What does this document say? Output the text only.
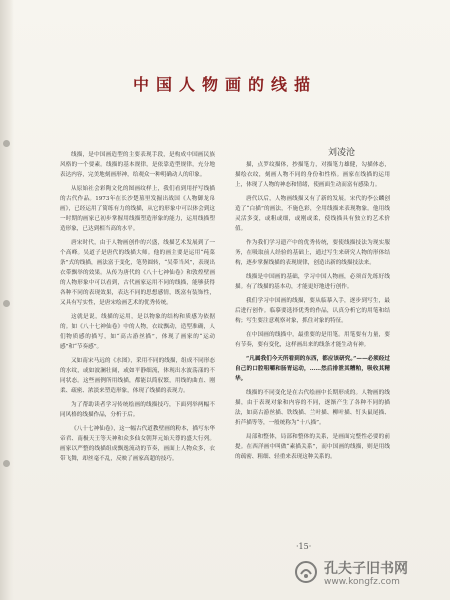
中国人物画的线描
刘凌沧

线描，是中国画造型的主要表现手段，是构成中国画民族风格的一个要素。线描的基本规律，是依靠造型规律，充分地表达内容，完美地刻画形神，给观众一种明确动人的印象。

从原始社会彩陶文化的图画纹样上，我们看到用抒写线描的古代作品。1973年在长沙楚墓里发掘出战国《人物御龙帛画》，已经运用了简练有力的线描，从它的形象中可以体会到这一时期的画家已初步掌握用线描塑造形象的能力，运用线描塑造形象，已达到相当高的水平。

唐宋时代，由于人物画创作的兴盛，线描艺术发展到了一个高峰。吴道子是唐代的线描大师。他的画主要是运用“莼菜条”式的线描，画法富于变化，笔势圆转，“吴带当风”，表现出衣带飘举的效果。从传为唐代的《八十七神仙卷》和敦煌壁画的人物形象中可以看到，古代画家运用不同的线描，能够获得各种不同的表现效果，表达不同的思想感情，既富有装饰性，又具有写实性，是唐宋绘画艺术的优秀传统。

这就是说，线描的运用，是以物象的结构和质感为依据的。如《八十七神仙卷》中的人物，衣纹飘动，造型准确，人们物质感的描写，如“高古游丝描”，体现了画家的“运动感”和“节奏感”。

又如南宋马远的《水图》，采用不同的线描，组成不同形态的水纹，或如波澜壮阔，或如平静细流，体现出水波荡漾的不同状态。这些画例所用线描，都能以简驭繁，用线的曲直、刚柔、疏密、浓淡来塑造形象，体现了线描的表现力。

为了帮助读者学习传统绘画的线描技巧，下面列举两幅不同风格的线描作品，分析于后。

《八十七神仙卷》，这一幅古代道教壁画的粉本，描写东华帝君、南极天王等天神和众多仙女朝拜元始天尊的盛大行列。画家以严整的线描组成飘逸流动的节奏，画面上人物众多，衣带飞舞，却丝毫不乱，反映了画家高超的技巧。

描，点罗纹描体，抄描笔力，对描笔力雄健，勾描体态，描绘衣纹，刻画人物不同的身份和性格。画家在线描的运用上，体现了人物的神态和情绪，使画面生动而富有感染力。

唐代以后，人物画线描又有了新的发展。宋代的李公麟创造了“白描”的画法，不施色彩，全用线描来表现物象。他用线灵活多变，或粗或细，或刚或柔，使线描具有独立的艺术价值。

作为我们学习遗产中的优秀传统，要使线描技法为现实服务，在吸取前人经验的基础上，通过写生来研究人物的形体结构，逐步掌握线描的表现规律，创造出新的线描技法来。

线描是中国画的基础，学习中国人物画，必须首先练好线描。有了线描的基本功，才能更好地进行创作。

我们学习中国画的线描，要从临摹入手，逐步到写生，最后进行创作。临摹要选择优秀的作品，认真分析它的用笔和结构；写生要注意观察对象，抓住对象的特征。

在中国画的线描中，最重要的是用笔。用笔要有力量，要有节奏，要有变化，这样画出来的线条才能生动有神。

“凡属我们今天所看到的东西，都应该研究。”——必须经过自己的口腔咀嚼和肠胃运动，……然后排泄其糟粕，吸收其精华。

线描的不同变化是在古代绘画中长期形成的。人物画的线描，由于表现对象和内容的不同，逐渐产生了各种不同的描法，如高古游丝描、铁线描、兰叶描、柳叶描、钉头鼠尾描、折芦描等等，一般统称为“十八描”。

局部和整体，局部和整体的关系，是画面完整性必要的前提。在西洋画中叫做“素描关系”，而中国画的线描，则是用线的疏密、粗细、轻重来表现这种关系的。

·15·
孔夫子旧书网
www.kongfz.com
